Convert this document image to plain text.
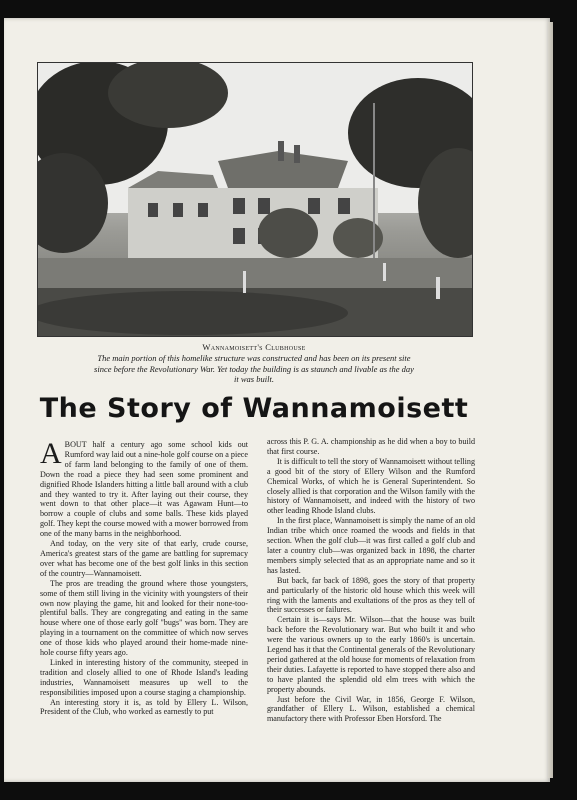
Wannamoisett's Clubhouse
The main portion of this homelike structure was constructed and has been on its present site since before the Revolutionary War. Yet today the building is as staunch and livable as the day it was built.
The Story of Wannamoisett

ABOUT half a century ago some school kids out Rumford way laid out a nine-hole golf course on a piece of farm land belonging to the family of one of them. Down the road a piece they had seen some prominent and dignified Rhode Islanders hitting a little ball around with a club and they wanted to try it. After laying out their course, they went down to that other place—it was Agawam Hunt—to borrow a couple of clubs and some balls. These kids played golf. They kept the course mowed with a mower borrowed from one of the many barns in the neighborhood.

And today, on the very site of that early, crude course, America's greatest stars of the game are battling for supremacy over what has become one of the best golf links in this section of the country—Wannamoisett.

The pros are treading the ground where those youngsters, some of them still living in the vicinity with youngsters of their own now playing the game, hit and looked for their none-too-plentiful balls. They are congregating and eating in the same house where one of those early golf "bugs" was born. They are playing in a tournament on the committee of which now serves one of those kids who played around their home-made nine-hole course fifty years ago.

Linked in interesting history of the community, steeped in tradition and closely allied to one of Rhode Island's leading industries, Wannamoisett measures up well to the responsibilities imposed upon a course staging a championship.

An interesting story it is, as told by Ellery L. Wilson, President of the Club, who worked as earnestly to put

across this P. G. A. championship as he did when a boy to build that first course.

It is difficult to tell the story of Wannamoisett without telling a good bit of the story of Ellery Wilson and the Rumford Chemical Works, of which he is General Superintendent. So closely allied is that corporation and the Wilson family with the history of Wannamoisett, and indeed with the history of two other leading Rhode Island clubs.

In the first place, Wannamoisett is simply the name of an old Indian tribe which once roamed the woods and fields in that section. When the golf club—it was first called a golf club and later a country club—was organized back in 1898, the charter members simply selected that as an appropriate name and so it has lasted.

But back, far back of 1898, goes the story of that property and particularly of the historic old house which this week will ring with the laments and exultations of the pros as they tell of their successes or failures.

Certain it is—says Mr. Wilson—that the house was built back before the Revolutionary war. But who built it and who were the various owners up to the early 1860's is uncertain. Legend has it that the Continental generals of the Revolutionary period gathered at the old house for moments of relaxation from their duties. Lafayette is reported to have stopped there also and to have planted the splendid old elm trees with which the property abounds.

Just before the Civil War, in 1856, George F. Wilson, grandfather of Ellery L. Wilson, established a chemical manufactory there with Professor Eben Horsford. The
